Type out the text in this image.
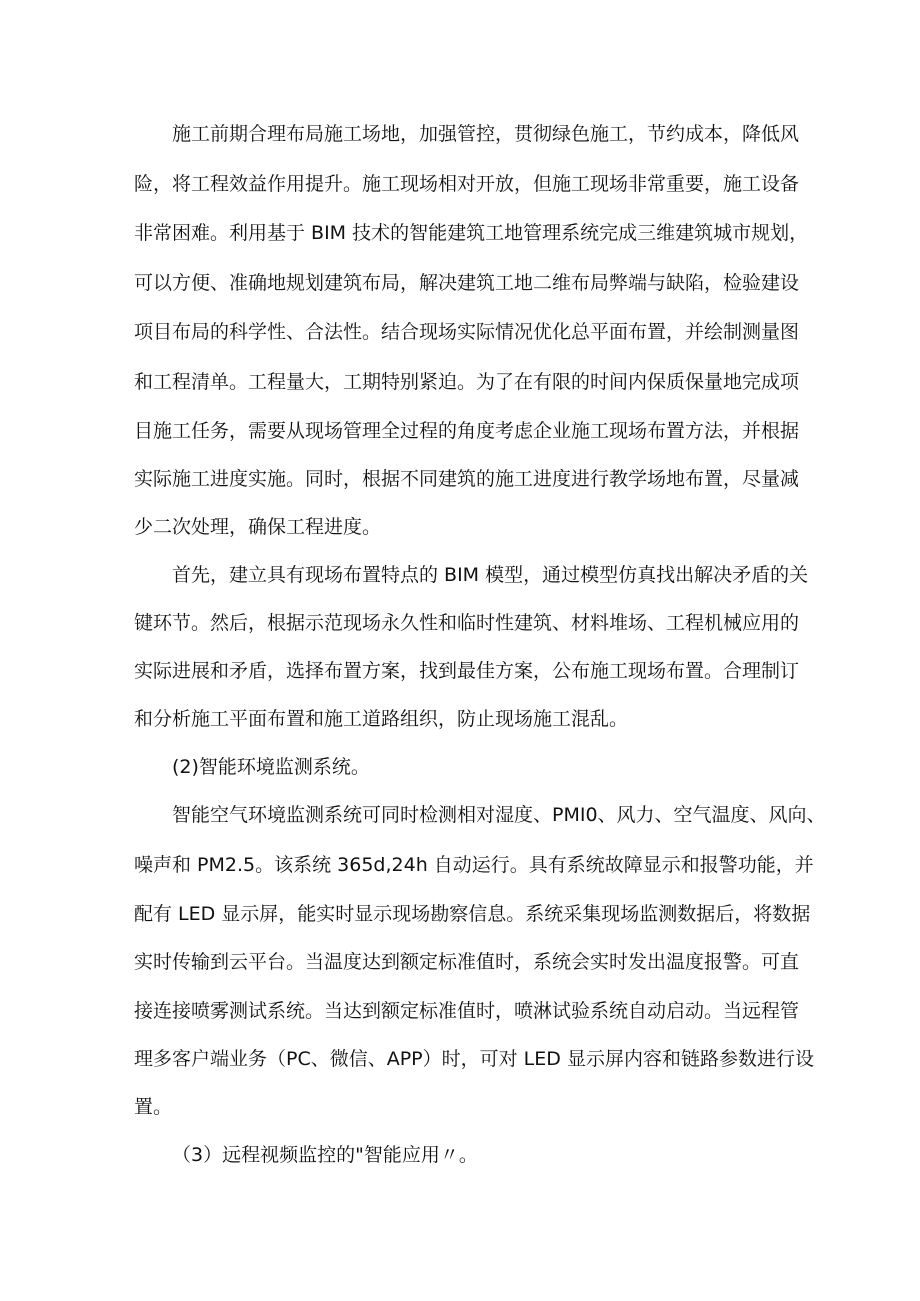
施工前期合理布局施工场地，加强管控，贯彻绿色施工，节约成本，降低风
险，将工程效益作用提升。施工现场相对开放，但施工现场非常重要，施工设备
非常困难。利用基于 BIM 技术的智能建筑工地管理系统完成三维建筑城市规划，
可以方便、准确地规划建筑布局，解决建筑工地二维布局弊端与缺陷，检验建设
项目布局的科学性、合法性。结合现场实际情况优化总平面布置，并绘制测量图
和工程清单。工程量大，工期特别紧迫。为了在有限的时间内保质保量地完成项
目施工任务，需要从现场管理全过程的角度考虑企业施工现场布置方法，并根据
实际施工进度实施。同时，根据不同建筑的施工进度进行教学场地布置，尽量减
少二次处理，确保工程进度。
首先，建立具有现场布置特点的 BIM 模型，通过模型仿真找出解决矛盾的关
键环节。然后，根据示范现场永久性和临时性建筑、材料堆场、工程机械应用的
实际进展和矛盾，选择布置方案，找到最佳方案，公布施工现场布置。合理制订
和分析施工平面布置和施工道路组织，防止现场施工混乱。
(2)智能环境监测系统。
智能空气环境监测系统可同时检测相对湿度、PMI0、风力、空气温度、风向、
噪声和 PM2.5。该系统 365d,24h 自动运行。具有系统故障显示和报警功能，并
配有 LED 显示屏，能实时显示现场勘察信息。系统采集现场监测数据后，将数据
实时传输到云平台。当温度达到额定标准值时，系统会实时发出温度报警。可直
接连接喷雾测试系统。当达到额定标准值时，喷淋试验系统自动启动。当远程管
理多客户端业务（PC、微信、APP）时，可对 LED 显示屏内容和链路参数进行设
置。
（3）远程视频监控的"智能应用〃。
